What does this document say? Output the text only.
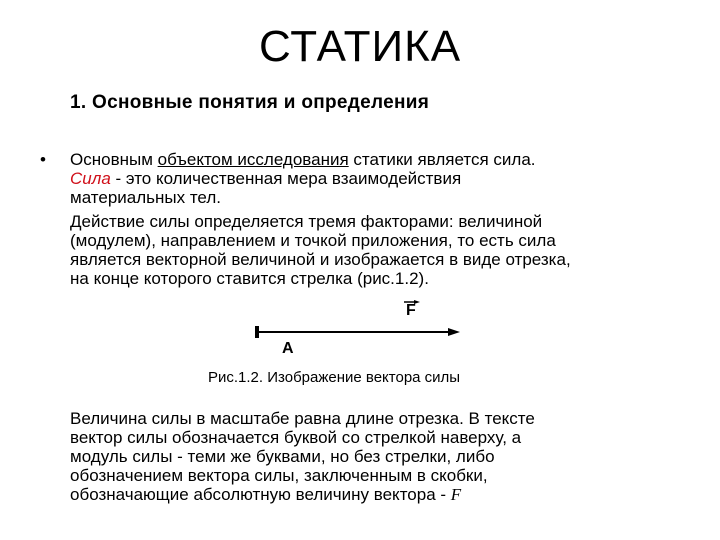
СТАТИКА
1. Основные понятия и определения
• Основным объектом исследования статики является сила.
Сила - это количественная мера взаимодействия
материальных тел.
Действие силы определяется тремя факторами: величиной
(модулем), направлением и точкой приложения, то есть сила
является векторной величиной и изображается в виде отрезка,
на конце которого ставится стрелка (рис.1.2).
F
A
Рис.1.2. Изображение вектора силы
Величина силы в масштабе равна длине отрезка. В тексте
вектор силы обозначается буквой со стрелкой наверху, а
модуль силы - теми же буквами, но без стрелки, либо
обозначением вектора силы, заключенным в скобки,
обозначающие абсолютную величину вектора - F
